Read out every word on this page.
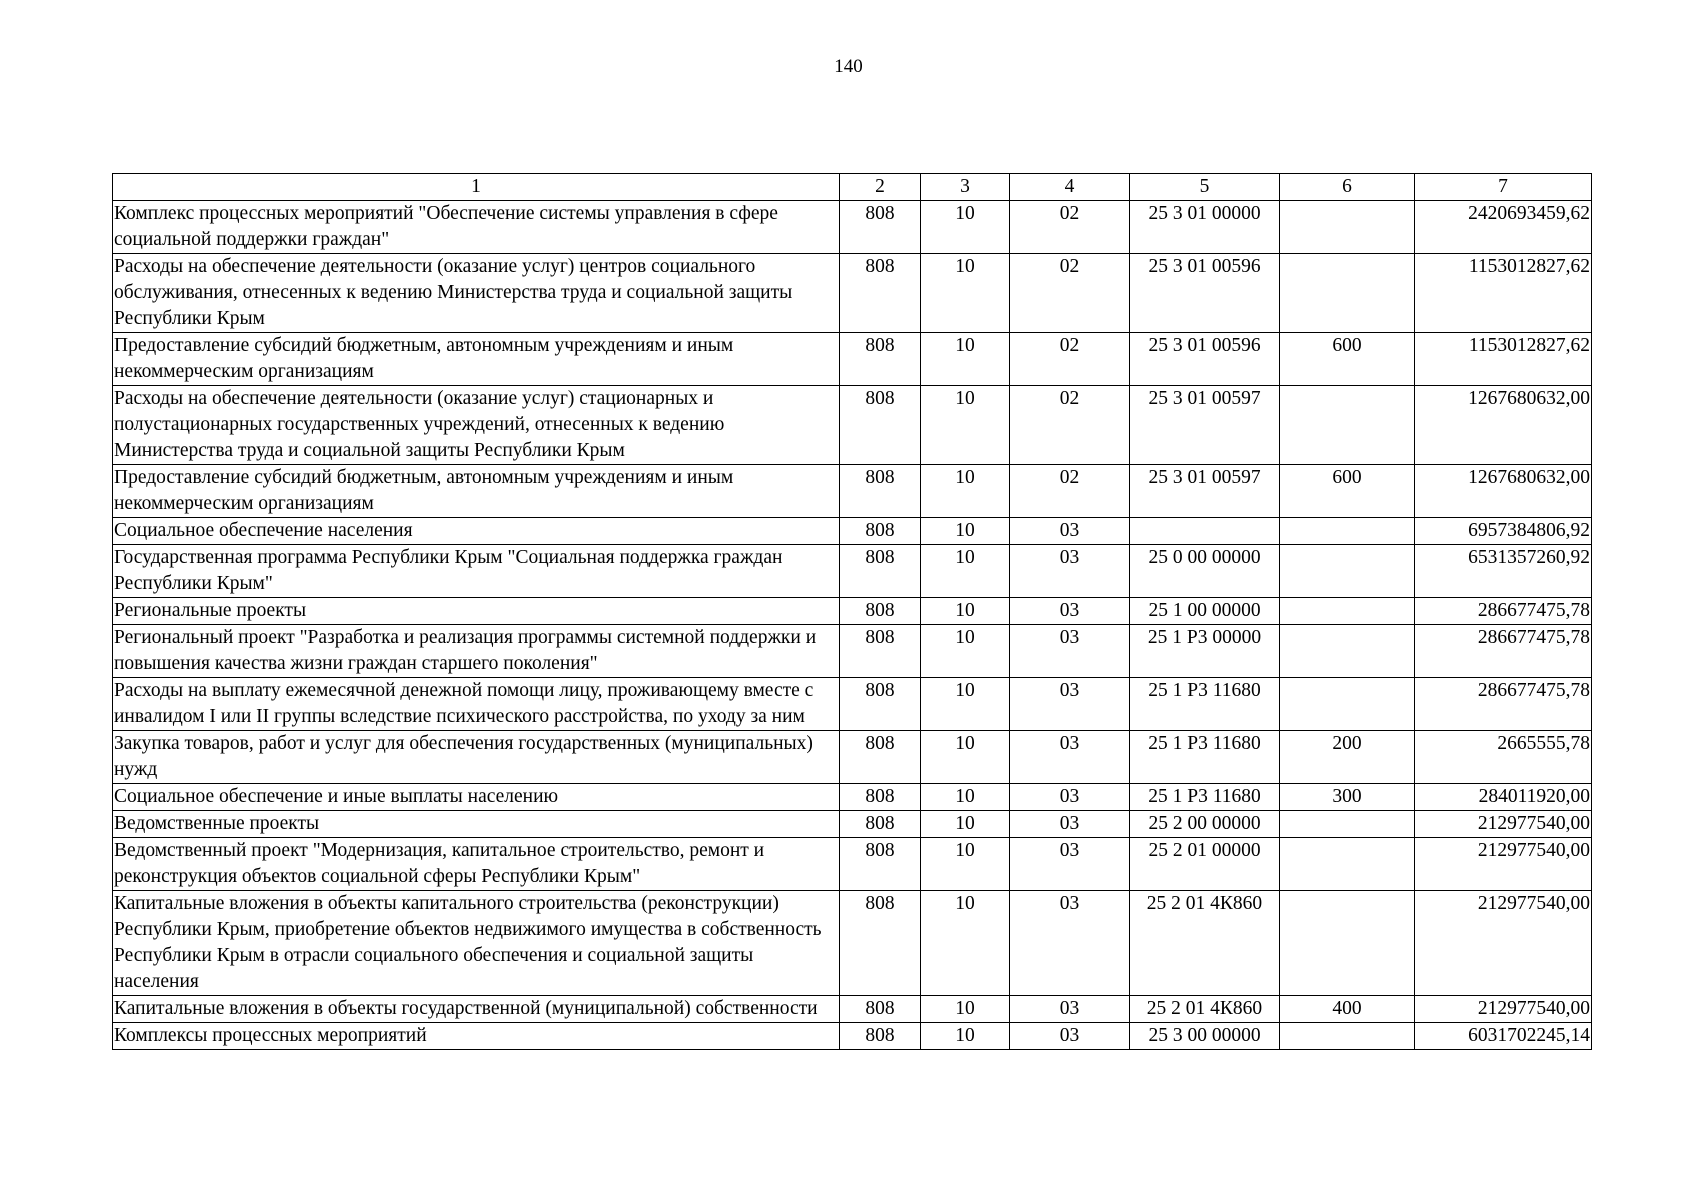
140
1	2	3	4	5	6	7
Комплекс процессных мероприятий "Обеспечение системы управления в сфере социальной поддержки граждан"	808	10	02	25 3 01 00000		2420693459,62
Расходы на обеспечение деятельности (оказание услуг) центров социального обслуживания, отнесенных к ведению Министерства труда и социальной защиты Республики Крым	808	10	02	25 3 01 00596		1153012827,62
Предоставление субсидий бюджетным, автономным учреждениям и иным некоммерческим организациям	808	10	02	25 3 01 00596	600	1153012827,62
Расходы на обеспечение деятельности (оказание услуг) стационарных и полустационарных государственных учреждений, отнесенных к ведению Министерства труда и социальной защиты Республики Крым	808	10	02	25 3 01 00597		1267680632,00
Предоставление субсидий бюджетным, автономным учреждениям и иным некоммерческим организациям	808	10	02	25 3 01 00597	600	1267680632,00
Социальное обеспечение населения	808	10	03			6957384806,92
Государственная программа Республики Крым "Социальная поддержка граждан Республики Крым"	808	10	03	25 0 00 00000		6531357260,92
Региональные проекты	808	10	03	25 1 00 00000		286677475,78
Региональный проект "Разработка и реализация программы системной поддержки и повышения качества жизни граждан старшего поколения"	808	10	03	25 1 P3 00000		286677475,78
Расходы на выплату ежемесячной денежной помощи лицу, проживающему вместе с инвалидом I или II группы вследствие психического расстройства, по уходу за ним	808	10	03	25 1 P3 11680		286677475,78
Закупка товаров, работ и услуг для обеспечения государственных (муниципальных) нужд	808	10	03	25 1 P3 11680	200	2665555,78
Социальное обеспечение и иные выплаты населению	808	10	03	25 1 P3 11680	300	284011920,00
Ведомственные проекты	808	10	03	25 2 00 00000		212977540,00
Ведомственный проект "Модернизация, капитальное строительство, ремонт и реконструкция объектов социальной сферы Республики Крым"	808	10	03	25 2 01 00000		212977540,00
Капитальные вложения в объекты капитального строительства (реконструкции) Республики Крым, приобретение объектов недвижимого имущества в собственность Республики Крым в отрасли социального обеспечения и социальной защиты населения	808	10	03	25 2 01 4К860		212977540,00
Капитальные вложения в объекты государственной (муниципальной) собственности	808	10	03	25 2 01 4К860	400	212977540,00
Комплексы процессных мероприятий	808	10	03	25 3 00 00000		6031702245,14
